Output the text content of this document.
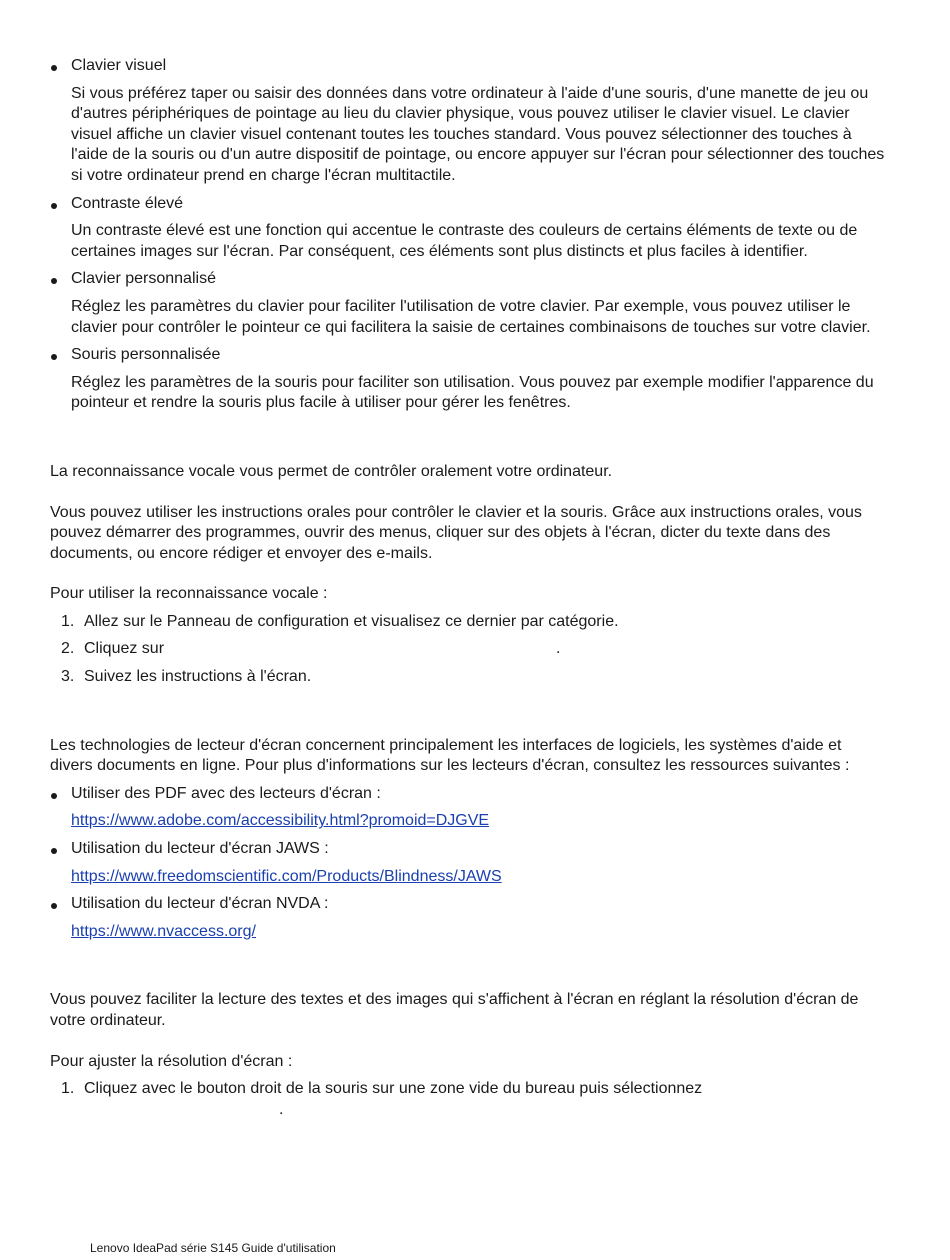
Clavier visuel
Si vous préférez taper ou saisir des données dans votre ordinateur à l'aide d'une souris, d'une manette de jeu ou d'autres périphériques de pointage au lieu du clavier physique, vous pouvez utiliser le clavier visuel. Le clavier visuel affiche un clavier visuel contenant toutes les touches standard. Vous pouvez sélectionner des touches à l'aide de la souris ou d'un autre dispositif de pointage, ou encore appuyer sur l'écran pour sélectionner des touches si votre ordinateur prend en charge l'écran multitactile.
Contraste élevé
Un contraste élevé est une fonction qui accentue le contraste des couleurs de certains éléments de texte ou de certaines images sur l'écran. Par conséquent, ces éléments sont plus distincts et plus faciles à identifier.
Clavier personnalisé
Réglez les paramètres du clavier pour faciliter l'utilisation de votre clavier. Par exemple, vous pouvez utiliser le clavier pour contrôler le pointeur ce qui facilitera la saisie de certaines combinaisons de touches sur votre clavier.
Souris personnalisée
Réglez les paramètres de la souris pour faciliter son utilisation. Vous pouvez par exemple modifier l'apparence du pointeur et rendre la souris plus facile à utiliser pour gérer les fenêtres.

La reconnaissance vocale vous permet de contrôler oralement votre ordinateur.

Vous pouvez utiliser les instructions orales pour contrôler le clavier et la souris. Grâce aux instructions orales, vous pouvez démarrer des programmes, ouvrir des menus, cliquer sur des objets à l'écran, dicter du texte dans des documents, ou encore rédiger et envoyer des e-mails.

Pour utiliser la reconnaissance vocale :

1. Allez sur le Panneau de configuration et visualisez ce dernier par catégorie.
2. Cliquez sur	.
3. Suivez les instructions à l'écran.

Les technologies de lecteur d'écran concernent principalement les interfaces de logiciels, les systèmes d'aide et divers documents en ligne. Pour plus d'informations sur les lecteurs d'écran, consultez les ressources suivantes :

Utiliser des PDF avec des lecteurs d'écran :
https://www.adobe.com/accessibility.html?promoid=DJGVE
Utilisation du lecteur d'écran JAWS :
https://www.freedomscientific.com/Products/Blindness/JAWS
Utilisation du lecteur d'écran NVDA :
https://www.nvaccess.org/

Vous pouvez faciliter la lecture des textes et des images qui s'affichent à l'écran en réglant la résolution d'écran de votre ordinateur.

Pour ajuster la résolution d'écran :

1. Cliquez avec le bouton droit de la souris sur une zone vide du bureau puis sélectionnez
.
Lenovo IdeaPad série S145 Guide d'utilisation
